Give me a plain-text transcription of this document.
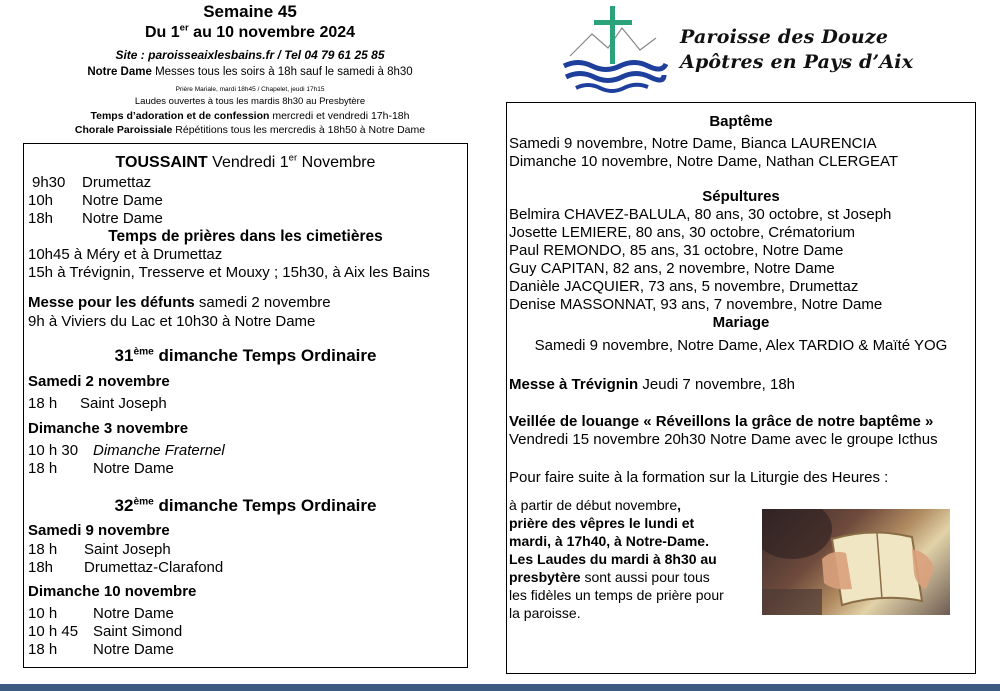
Semaine 45
Du 1er au 10 novembre 2024
Site : paroisseaixlesbains.fr / Tel 04 79 61 25 85
Notre Dame Messes tous les soirs à 18h sauf le samedi à 8h30
Prière Mariale, mardi 18h45 / Chapelet, jeudi 17h15
Laudes ouvertes à tous les mardis 8h30 au Presbytère
Temps d’adoration et de confession mercredi et vendredi 17h-18h
Chorale Paroissiale Répétitions tous les mercredis à 18h50 à Notre Dame
Paroisse des Douze
Apôtres en Pays d’Aix
TOUSSAINT Vendredi 1er Novembre
9h30 Drumettaz
10h Notre Dame
18h Notre Dame
Temps de prières dans les cimetières
10h45 à Méry et à Drumettaz
15h à Trévignin, Tresserve et Mouxy ; 15h30, à Aix les Bains
Messe pour les défunts samedi 2 novembre
9h à Viviers du Lac et 10h30 à Notre Dame
31ème dimanche Temps Ordinaire
Samedi 2 novembre
18 h Saint Joseph
Dimanche 3 novembre
10 h 30 Dimanche Fraternel
18 h Notre Dame
32ème dimanche Temps Ordinaire
Samedi 9 novembre
18 h Saint Joseph
18h Drumettaz-Clarafond
Dimanche 10 novembre
10 h Notre Dame
10 h 45 Saint Simond
18 h Notre Dame
Baptême
Samedi 9 novembre, Notre Dame, Bianca LAURENCIA
Dimanche 10 novembre, Notre Dame, Nathan CLERGEAT
Sépultures
Belmira CHAVEZ-BALULA, 80 ans, 30 octobre, st Joseph
Josette LEMIERE, 80 ans, 30 octobre, Crématorium
Paul REMONDO, 85 ans, 31 octobre, Notre Dame
Guy CAPITAN, 82 ans, 2 novembre, Notre Dame
Danièle JACQUIER, 73 ans, 5 novembre, Drumettaz
Denise MASSONNAT, 93 ans, 7 novembre, Notre Dame
Mariage
Samedi 9 novembre, Notre Dame, Alex TARDIO & Maïté YOG
Messe à Trévignin Jeudi 7 novembre, 18h
Veillée de louange « Réveillons la grâce de notre baptême »
Vendredi 15 novembre 20h30 Notre Dame avec le groupe Icthus
Pour faire suite à la formation sur la Liturgie des Heures :
à partir de début novembre,
prière des vêpres le lundi et
mardi, à 17h40, à Notre-Dame.
Les Laudes du mardi à 8h30 au
presbytère sont aussi pour tous
les fidèles un temps de prière pour
la paroisse.
